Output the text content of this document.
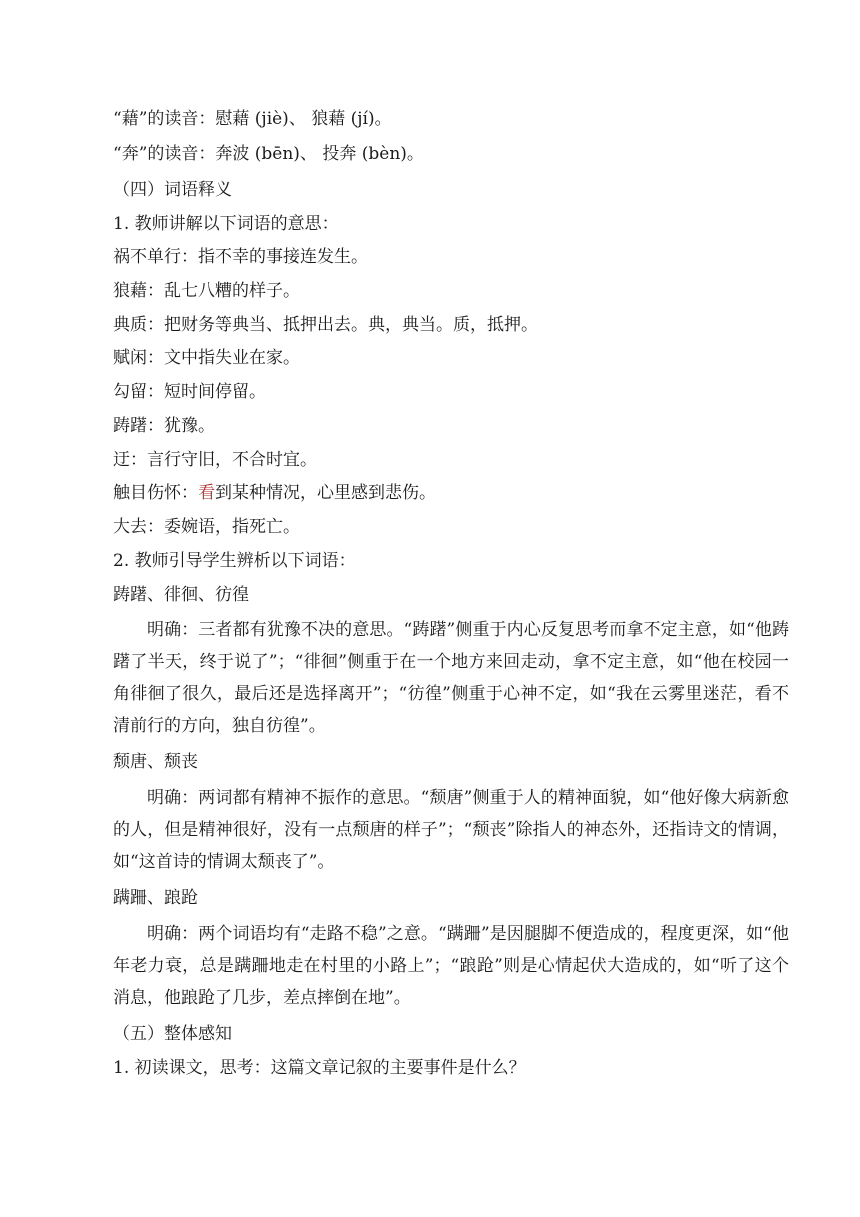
“藉”的读音：慰藉 (jiè)、 狼藉 (jí)。
“奔”的读音：奔波 (bēn)、 投奔 (bèn)。
（四）词语释义
1. 教师讲解以下词语的意思：
祸不单行：指不幸的事接连发生。
狼藉：乱七八糟的样子。
典质：把财务等典当、抵押出去。典，典当。质，抵押。
赋闲：文中指失业在家。
勾留：短时间停留。
踌躇：犹豫。
迂：言行守旧，不合时宜。
触目伤怀：看到某种情况，心里感到悲伤。
大去：委婉语，指死亡。
2. 教师引导学生辨析以下词语：
踌躇、徘徊、彷徨
明确：三者都有犹豫不决的意思。“踌躇”侧重于内心反复思考而拿不定主意，如“他踌躇了半天，终于说了”；“徘徊”侧重于在一个地方来回走动，拿不定主意，如“他在校园一角徘徊了很久，最后还是选择离开”；“彷徨”侧重于心神不定，如“我在云雾里迷茫，看不清前行的方向，独自彷徨”。
颓唐、颓丧
明确：两词都有精神不振作的意思。“颓唐”侧重于人的精神面貌，如“他好像大病新愈的人，但是精神很好，没有一点颓唐的样子”；“颓丧”除指人的神态外，还指诗文的情调，如“这首诗的情调太颓丧了”。
蹒跚、踉跄
明确：两个词语均有“走路不稳”之意。“蹒跚”是因腿脚不便造成的，程度更深，如“他年老力衰，总是蹒跚地走在村里的小路上”；“踉跄”则是心情起伏大造成的，如“听了这个消息，他踉跄了几步，差点摔倒在地”。
（五）整体感知
1. 初读课文，思考：这篇文章记叙的主要事件是什么？
